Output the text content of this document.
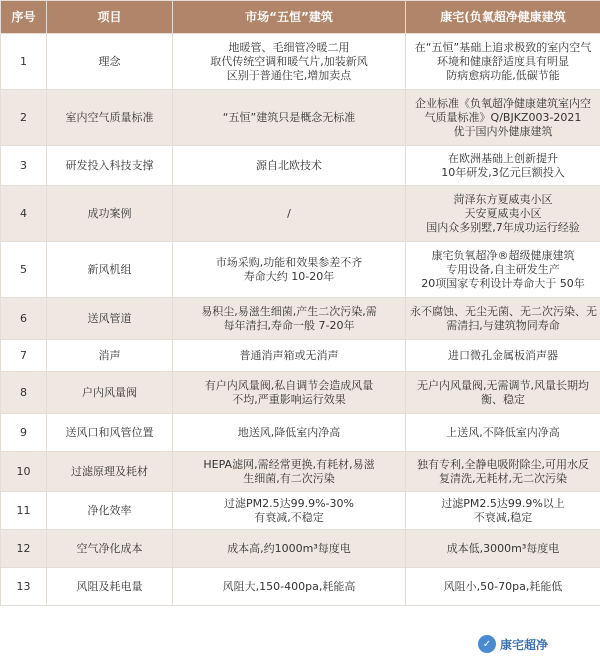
序号	项目	市场“五恒”建筑	康宅(负氧超净健康建筑
1	理念	地暖管、毛细管冷暖二用
取代传统空调和暖气片,加装新风
区别于普通住宅,增加卖点	在“五恒”基础上追求极致的室内空气
环境和健康舒适度具有明显
防病愈病功能,低碳节能

2	室内空气质量标准	“五恒”建筑只是概念无标准	企业标准《负氧超净健康建筑室内空
气质量标准》Q/BJKZ003-2021
优于国内外健康建筑

3	研发投入科技支撑	源自北欧技术	在欧洲基础上创新提升
10年研发,3亿元巨额投入

4	成功案例	/	菏泽东方夏威夷小区
天安夏威夷小区
国内众多别墅,7年成功运行经验

5	新风机组	市场采购,功能和效果参差不齐
寿命大约 10-20年	康宅负氧超净®超级健康建筑
专用设备,自主研发生产
20项国家专利设计寿命大于 50年

6	送风管道	易积尘,易滋生细菌,产生二次污染,需
每年清扫,寿命一般 7-20年	永不腐蚀、无尘无菌、无二次污染、无
需清扫,与建筑物同寿命

7	消声	普通消声箱或无消声	进口微孔金属板消声器

8	户内风量阀	有户内风量阀,私自调节会造成风量
不均,严重影响运行效果	无户内风量阀,无需调节,风量长期均
衡、稳定

9	送风口和风管位置	地送风,降低室内净高	上送风,不降低室内净高

10	过滤原理及耗材	HEPA滤网,需经常更换,有耗材,易滋
生细菌,有二次污染	独有专利,全静电吸附除尘,可用水反
复清洗,无耗材,无二次污染

11	净化效率	过滤PM2.5达99.9%-30%
有衰减,不稳定	过滤PM2.5达99.9%以上
不衰减,稳定

12	空气净化成本	成本高,约1000m³每度电	成本低,3000m³每度电

13	风阻及耗电量	风阻大,150-400pa,耗能高	风阻小,50-70pa,耗能低
✓ 康宅超净
